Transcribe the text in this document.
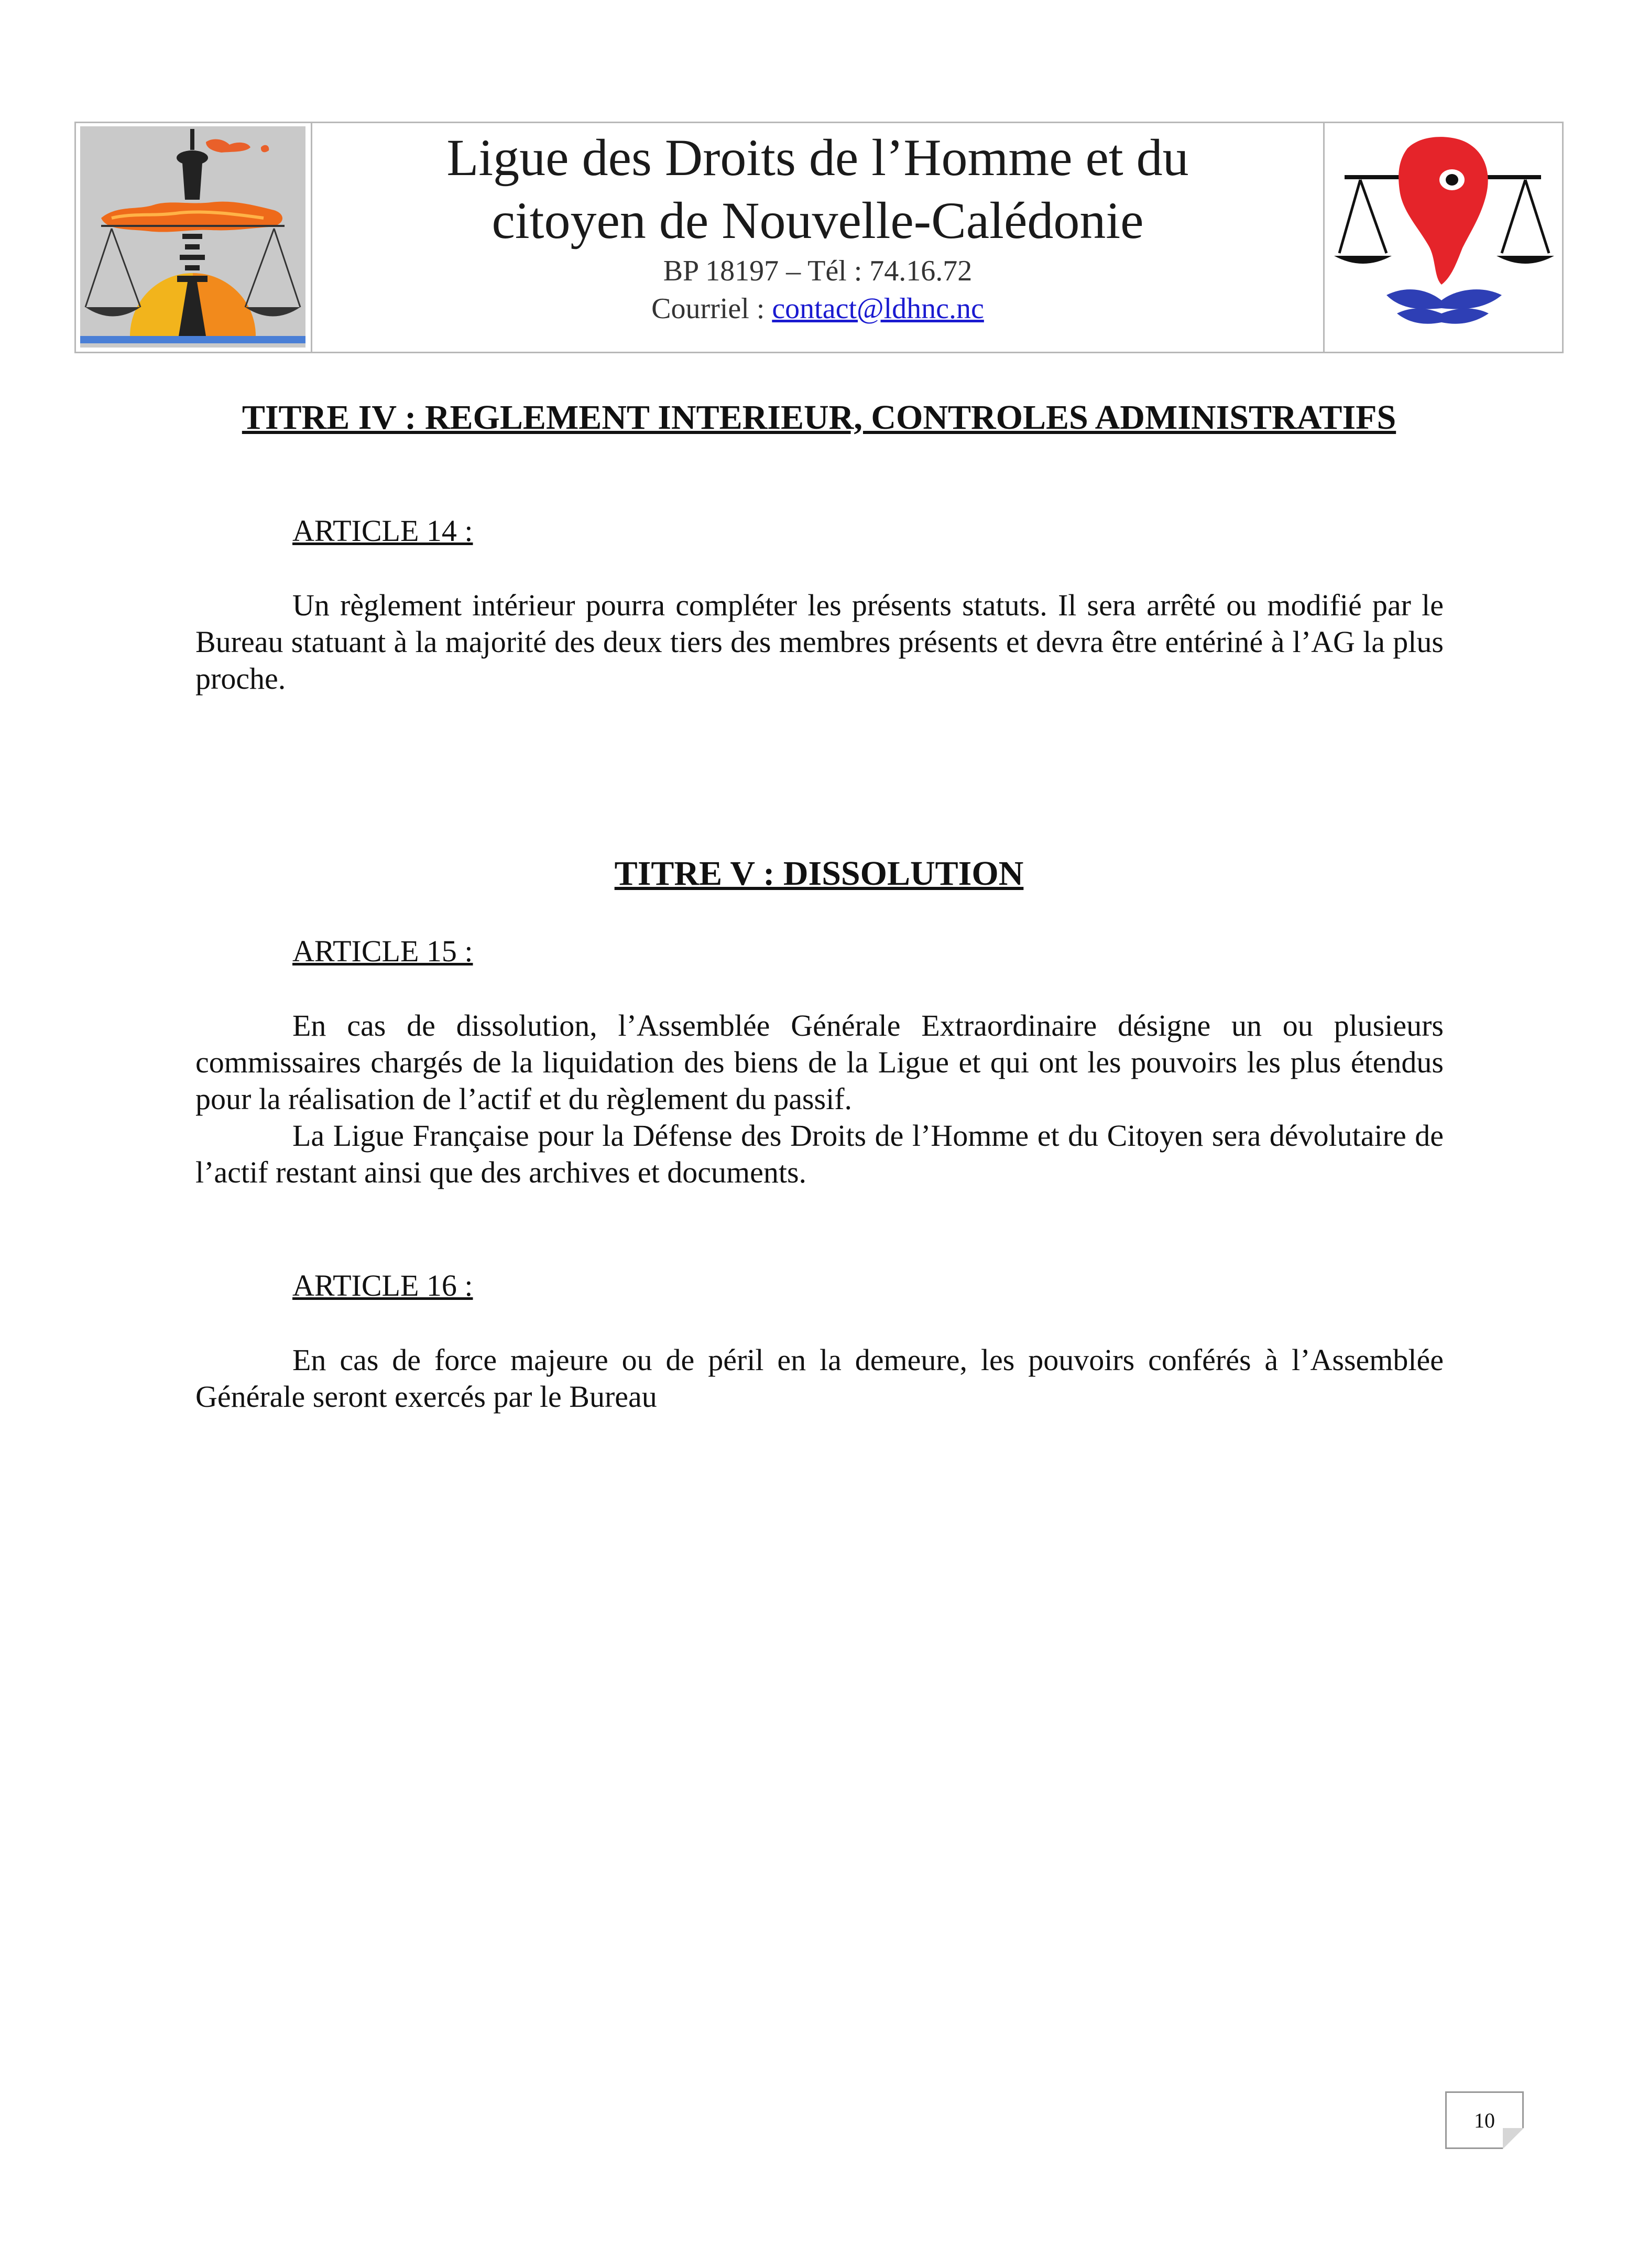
Ligue des Droits de l’Homme et du

citoyen de Nouvelle-Calédonie

BP 18197 – Tél : 74.16.72

Courriel : contact@ldhnc.nc

TITRE IV : REGLEMENT INTERIEUR, CONTROLES ADMINISTRATIFS

ARTICLE 14 :

Un règlement intérieur pourra compléter les présents statuts. Il sera arrêté ou modifié par le Bureau statuant à la majorité des deux tiers des membres présents et devra être entériné à l’AG la plus proche.

TITRE V : DISSOLUTION

ARTICLE 15 :

En cas de dissolution, l’Assemblée Générale Extraordinaire désigne un ou plusieurs commissaires chargés de la liquidation des biens de la Ligue et qui ont les pouvoirs les plus étendus pour la réalisation de l’actif et du règlement du passif.

La Ligue Française pour la Défense des Droits de l’Homme et du Citoyen sera dévolutaire de l’actif restant ainsi que des archives et documents.

ARTICLE 16 :

En cas de force majeure ou de péril en la demeure, les pouvoirs conférés à l’Assemblée Générale seront exercés par le Bureau

10
